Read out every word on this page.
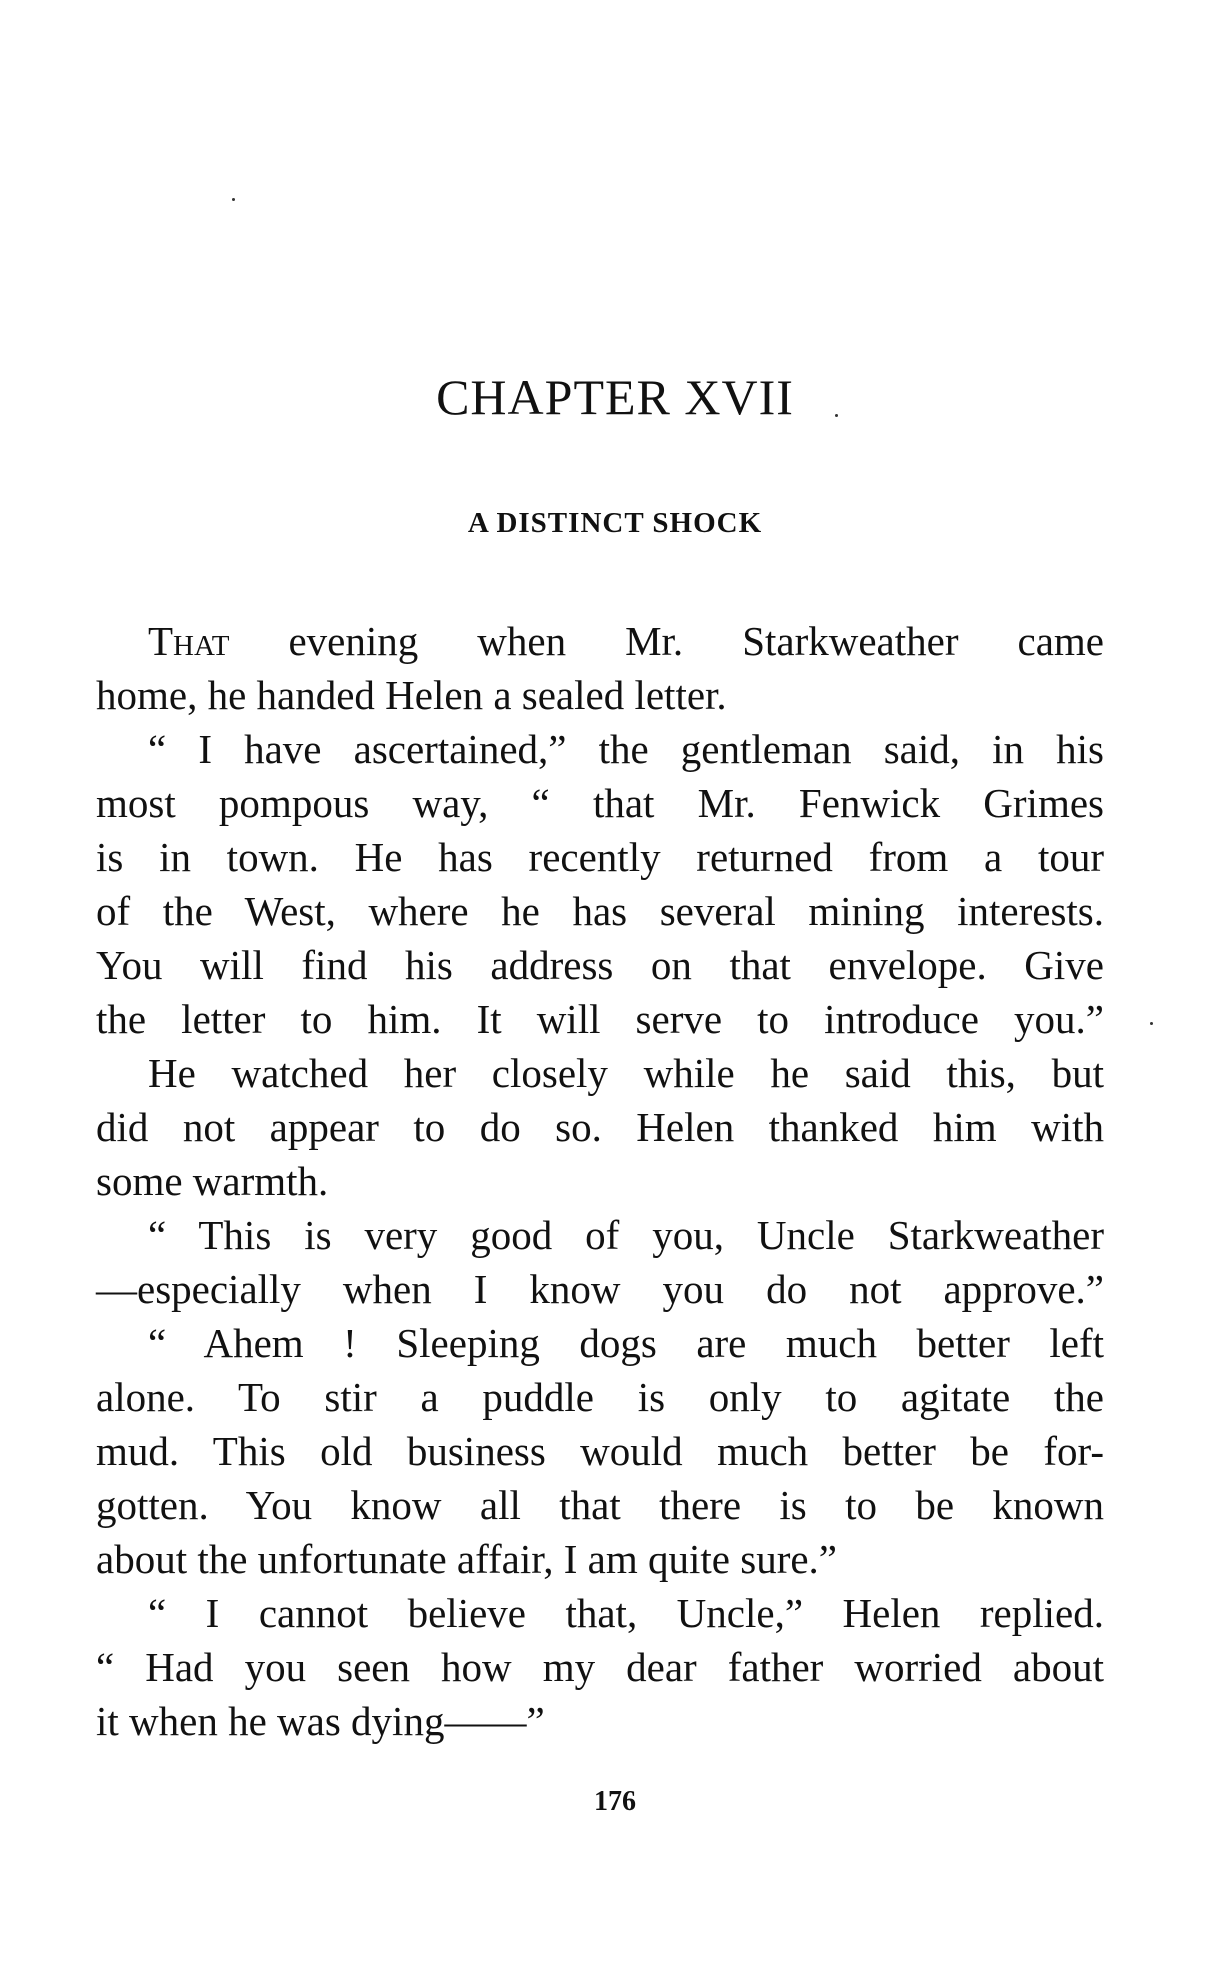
CHAPTER XVII
A DISTINCT SHOCK
That evening when Mr. Starkweather came
home, he handed Helen a sealed letter.
“ I have ascertained,” the gentleman said, in his
most pompous way, “ that Mr. Fenwick Grimes
is in town. He has recently returned from a tour
of the West, where he has several mining interests.
You will find his address on that envelope. Give
the letter to him. It will serve to introduce you.”
He watched her closely while he said this, but
did not appear to do so. Helen thanked him with
some warmth.
“ This is very good of you, Uncle Starkweather
—especially when I know you do not approve.”
“ Ahem ! Sleeping dogs are much better left
alone. To stir a puddle is only to agitate the
mud. This old business would much better be for-
gotten. You know all that there is to be known
about the unfortunate affair, I am quite sure.”
“ I cannot believe that, Uncle,” Helen replied.
“ Had you seen how my dear father worried about
it when he was dying——”
176
